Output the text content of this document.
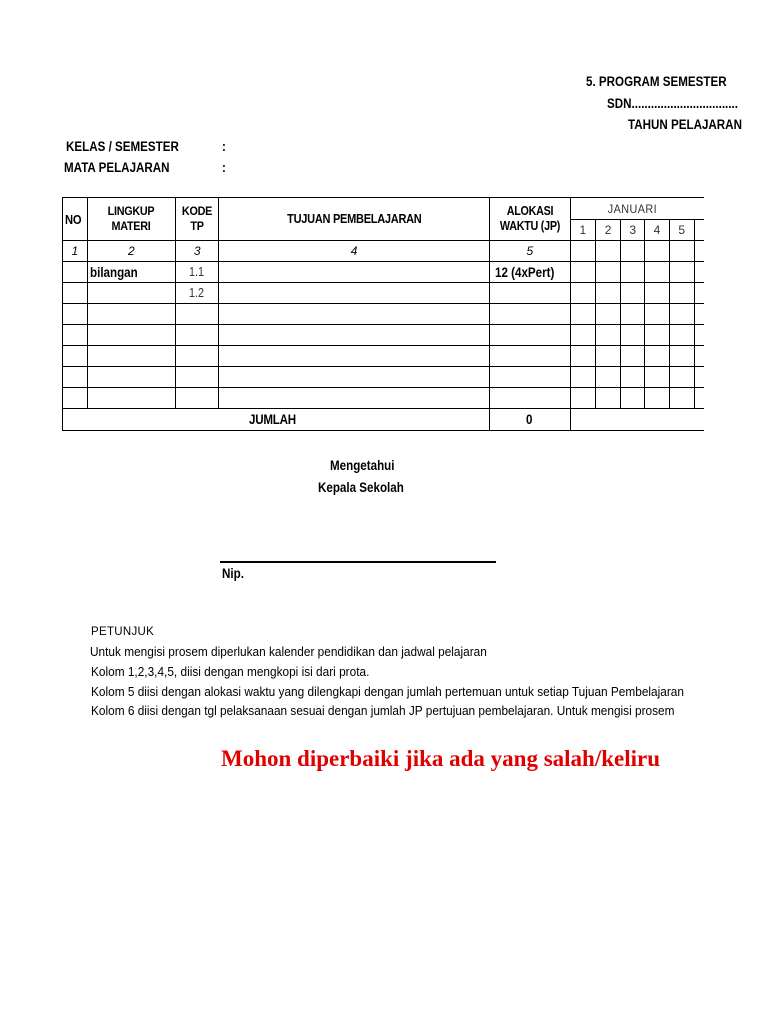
5. PROGRAM SEMESTER
SDN.................................
TAHUN PELAJARAN
KELAS / SEMESTER	:
MATA PELAJARAN	:
NO	LINGKUP MATERI	KODE TP	TUJUAN PEMBELAJARAN	ALOKASI WAKTU (JP)	JANUARI					
					1	2	3	4	5	
1	2	3	4	5						
	bilangan	1.1		12 (4xPert)						
		1.2								

JUMLAH				0						
Mengetahui
Kepala Sekolah
Nip.
PETUNJUK
Untuk mengisi prosem diperlukan kalender pendidikan dan jadwal pelajaran
Kolom 1,2,3,4,5, diisi dengan mengkopi isi dari prota.
Kolom 5 diisi dengan alokasi waktu yang dilengkapi dengan jumlah pertemuan untuk setiap Tujuan Pembelajaran
Kolom 6 diisi dengan tgl pelaksanaan sesuai dengan jumlah JP pertujuan pembelajaran. Untuk mengisi prosem
Mohon diperbaiki jika ada yang salah/keliru
